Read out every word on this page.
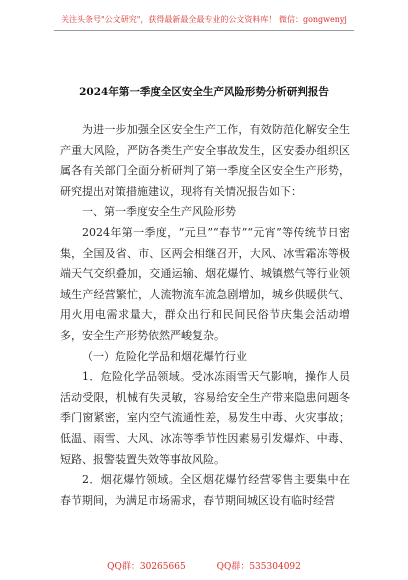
关注头条号"公文研究"，获得最新最全最专业的公文资料库！ 微信：gongwenyj
2024年第一季度全区安全生产风险形势分析研判报告

为进一步加强全区安全生产工作，有效防范化解安全生产重大风险，严防各类生产安全事故发生，区安委办组织区属各有关部门全面分析研判了第一季度全区安全生产形势，研究提出对策措施建议，现将有关情况报告如下：

一、第一季度安全生产风险形势

2024年第一季度，“元旦”“春节”“元宵”等传统节日密集，全国及省、市、区两会相继召开，大风、冰雪霜冻等极端天气交织叠加，交通运输、烟花爆竹、城镇燃气等行业领域生产经营繁忙，人流物流车流急剧增加，城乡供暖供气、用火用电需求量大，群众出行和民间民俗节庆集会活动增多，安全生产形势依然严峻复杂。

（一）危险化学品和烟花爆竹行业

1．危险化学品领域。受冰冻雨雪天气影响，操作人员活动受限，机械有失灵敏，容易给安全生产带来隐患问题冬季门窗紧密，室内空气流通性差，易发生中毒、火灾事故；低温、雨雪、大风、冰冻等季节性因素易引发爆炸、中毒、短路、报警装置失效等事故风险。

2．烟花爆竹领域。全区烟花爆竹经营零售主要集中在春节期间，为满足市场需求，春节期间城区设有临时经营

QQ群：30265665	QQ群：535304092
